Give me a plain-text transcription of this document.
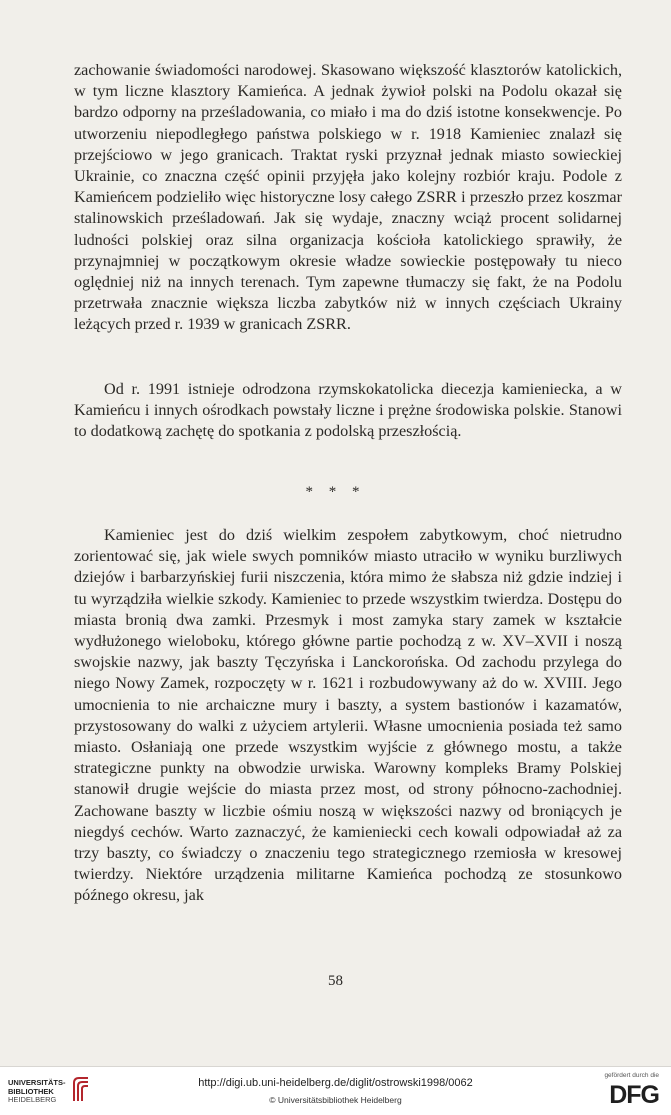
zachowanie świadomości narodowej. Skasowano większość klasztorów katolickich, w tym liczne klasztory Kamieńca. A jednak żywioł polski na Podolu okazał się bardzo odporny na prześladowania, co miało i ma do dziś istotne konsekwencje. Po utworzeniu niepodległego państwa polskiego w r. 1918 Kamieniec znalazł się przejściowo w jego granicach. Traktat ryski przyznał jednak miasto sowieckiej Ukrainie, co znaczna część opinii przyjęła jako kolejny rozbiór kraju. Podole z Kamieńcem podzieliło więc historyczne losy całego ZSRR i przeszło przez koszmar stalinowskich prześladowań. Jak się wydaje, znaczny wciąż procent solidarnej ludności polskiej oraz silna organizacja kościoła katolickiego sprawiły, że przynajmniej w początkowym okresie władze sowieckie postępowały tu nieco oględniej niż na innych terenach. Tym zapewne tłumaczy się fakt, że na Podolu przetrwała znacznie większa liczba zabytków niż w innych częściach Ukrainy leżących przed r. 1939 w granicach ZSRR.

Od r. 1991 istnieje odrodzona rzymskokatolicka diecezja kamieniecka, a w Kamieńcu i innych ośrodkach powstały liczne i prężne środowiska polskie. Stanowi to dodatkową zachętę do spotkania z podolską przeszłością.

* * *

Kamieniec jest do dziś wielkim zespołem zabytkowym, choć nietrudno zorientować się, jak wiele swych pomników miasto utraciło w wyniku burzliwych dziejów i barbarzyńskiej furii niszczenia, która mimo że słabsza niż gdzie indziej i tu wyrządziła wielkie szkody. Kamieniec to przede wszystkim twierdza. Dostępu do miasta bronią dwa zamki. Przesmyk i most zamyka stary zamek w kształcie wydłużonego wieloboku, którego główne partie pochodzą z w. XV–XVII i noszą swojskie nazwy, jak baszty Tęczyńska i Lanckorońska. Od zachodu przylega do niego Nowy Zamek, rozpoczęty w r. 1621 i rozbudowywany aż do w. XVIII. Jego umocnienia to nie archaiczne mury i baszty, a system bastionów i kazamatów, przystosowany do walki z użyciem artylerii. Własne umocnienia posiada też samo miasto. Osłaniają one przede wszystkim wyjście z głównego mostu, a także strategiczne punkty na obwodzie urwiska. Warowny kompleks Bramy Polskiej stanowił drugie wejście do miasta przez most, od strony północno-zachodniej. Zachowane baszty w liczbie ośmiu noszą w większości nazwy od broniących je niegdyś cechów. Warto zaznaczyć, że kamieniecki cech kowali odpowiadał aż za trzy baszty, co świadczy o znaczeniu tego strategicznego rzemiosła w kresowej twierdzy. Niektóre urządzenia militarne Kamieńca pochodzą ze stosunkowo późnego okresu, jak

58
UNIVERSITÄTS-
BIBLIOTHEK
HEIDELBERG
http://digi.ub.uni-heidelberg.de/diglit/ostrowski1998/0062
© Universitätsbibliothek Heidelberg
gefördert durch die
DFG
